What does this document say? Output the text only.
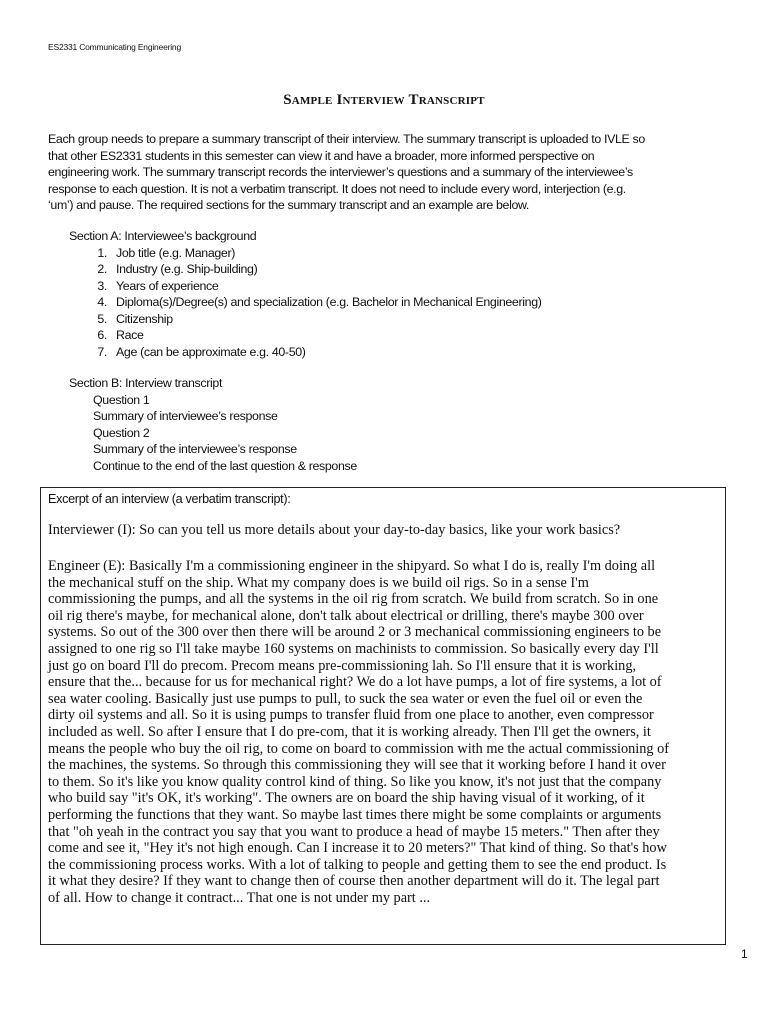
ES2331 Communicating Engineering
Sample Interview Transcript
Each group needs to prepare a summary transcript of their interview. The summary transcript is uploaded to IVLE so
that other ES2331 students in this semester can view it and have a broader, more informed perspective on
engineering work. The summary transcript records the interviewer’s questions and a summary of the interviewee’s
response to each question. It is not a verbatim transcript. It does not need to include every word, interjection (e.g.
‘um’) and pause. The required sections for the summary transcript and an example are below.
Section A: Interviewee’s background
1. Job title (e.g. Manager)
2. Industry (e.g. Ship-building)
3. Years of experience
4. Diploma(s)/Degree(s) and specialization (e.g. Bachelor in Mechanical Engineering)
5. Citizenship
6. Race
7. Age (can be approximate e.g. 40-50)
Section B: Interview transcript
Question 1
Summary of interviewee’s response
Question 2
Summary of the interviewee’s response
Continue to the end of the last question & response
Excerpt of an interview (a verbatim transcript):
Interviewer (I): So can you tell us more details about your day-to-day basics, like your work basics?
Engineer (E): Basically I'm a commissioning engineer in the shipyard. So what I do is, really I'm doing all
the mechanical stuff on the ship. What my company does is we build oil rigs. So in a sense I'm
commissioning the pumps, and all the systems in the oil rig from scratch. We build from scratch. So in one
oil rig there's maybe, for mechanical alone, don't talk about electrical or drilling, there's maybe 300 over
systems. So out of the 300 over then there will be around 2 or 3 mechanical commissioning engineers to be
assigned to one rig so I'll take maybe 160 systems on machinists to commission. So basically every day I'll
just go on board I'll do precom. Precom means pre-commissioning lah. So I'll ensure that it is working,
ensure that the... because for us for mechanical right? We do a lot have pumps, a lot of fire systems, a lot of
sea water cooling. Basically just use pumps to pull, to suck the sea water or even the fuel oil or even the
dirty oil systems and all. So it is using pumps to transfer fluid from one place to another, even compressor
included as well. So after I ensure that I do pre-com, that it is working already. Then I'll get the owners, it
means the people who buy the oil rig, to come on board to commission with me the actual commissioning of
the machines, the systems. So through this commissioning they will see that it working before I hand it over
to them. So it's like you know quality control kind of thing. So like you know, it's not just that the company
who build say "it's OK, it's working". The owners are on board the ship having visual of it working, of it
performing the functions that they want. So maybe last times there might be some complaints or arguments
that "oh yeah in the contract you say that you want to produce a head of maybe 15 meters." Then after they
come and see it, "Hey it's not high enough. Can I increase it to 20 meters?" That kind of thing. So that's how
the commissioning process works. With a lot of talking to people and getting them to see the end product. Is
it what they desire? If they want to change then of course then another department will do it. The legal part
of all. How to change it contract... That one is not under my part ...
1
